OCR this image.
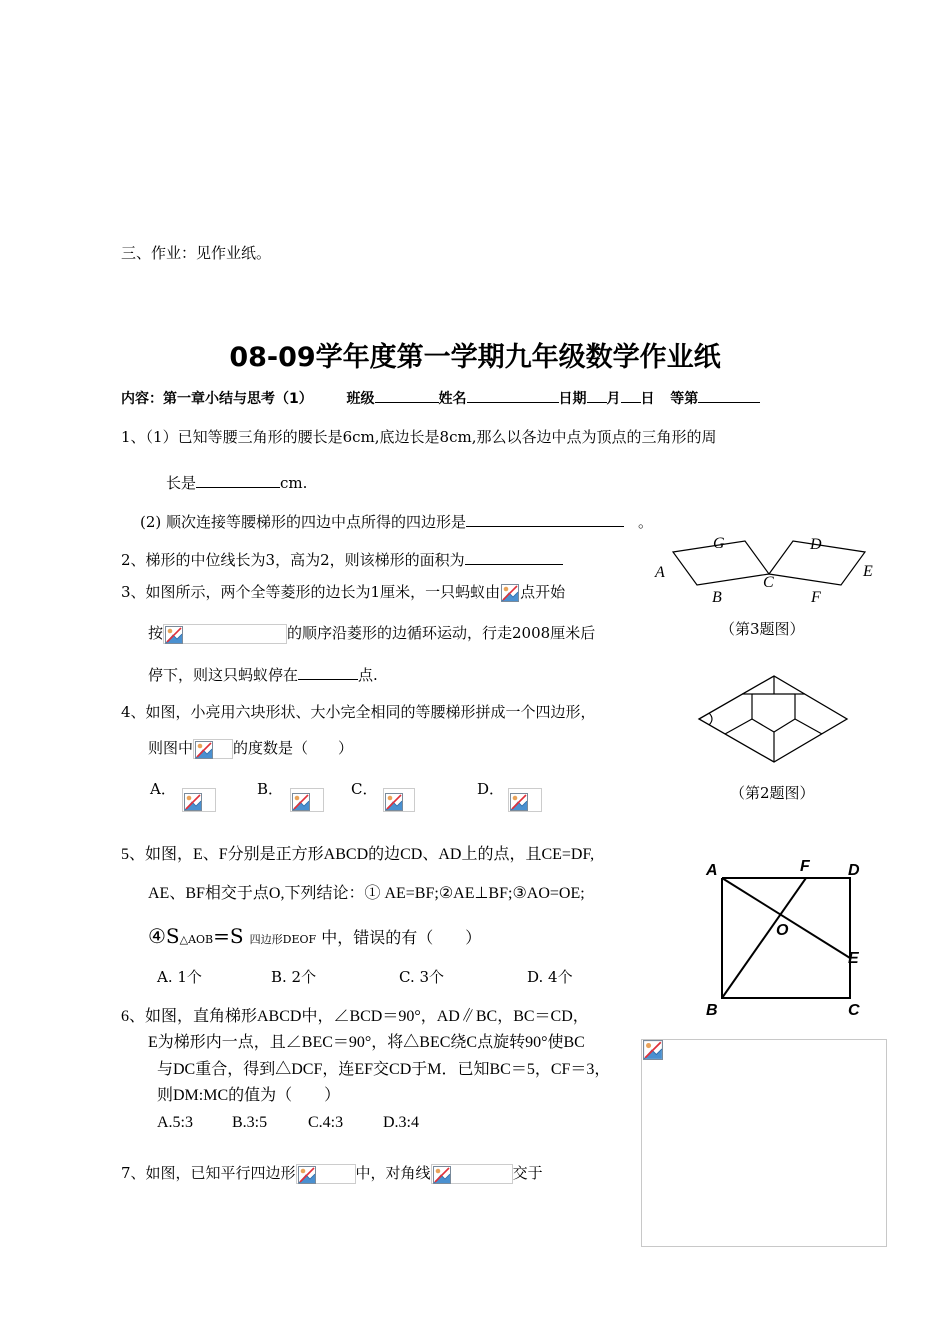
三、作业：见作业纸。
08-09学年度第一学期九年级数学作业纸
内容：第一章小结与思考（1） 班级	姓名	日期 月 日 等第
1、（1）已知等腰三角形的腰长是6cm,底边长是8cm,那么以各边中点为顶点的三角形的周
长是	cm.
(2) 顺次连接等腰梯形的四边中点所得的四边形是	。
2、梯形的中位线长为3，高为2，则该梯形的面积为
3、如图所示，两个全等菱形的边长为1厘米，一只蚂蚁由 点开始
按	的顺序沿菱形的边循环运动，行走2008厘米后
停下，则这只蚂蚁停在	点.
A
G
C
D
E
B	F
（第3题图）
4、如图，小亮用六块形状、大小完全相同的等腰梯形拼成一个四边形，
则图中	的度数是（　　）
A．	B．	C．	D．	（第2题图）
5、如图，E、F分别是正方形ABCD的边CD、AD上的点，且CE=DF,
AE、BF相交于点O,下列结论：① AE=BF;②AE⊥BF;③AO=OE;
④S△AOB=S 四边形DEOF 中，错误的有（　　）
A. 1个	B. 2个	C. 3个	D. 4个
A	F D
O
E
B	C
6、如图，直角梯形ABCD中，∠BCD＝90°，AD∥BC，BC＝CD，
E为梯形内一点，且∠BEC＝90°，将△BEC绕C点旋转90°使BC
与DC重合，得到△DCF，连EF交CD于M．已知BC＝5，CF＝3，
则DM:MC的值为（　　）
A.5:3 B.3:5	C.4:3 D.3:4
7、如图，已知平行四边形	中，对角线	交于
